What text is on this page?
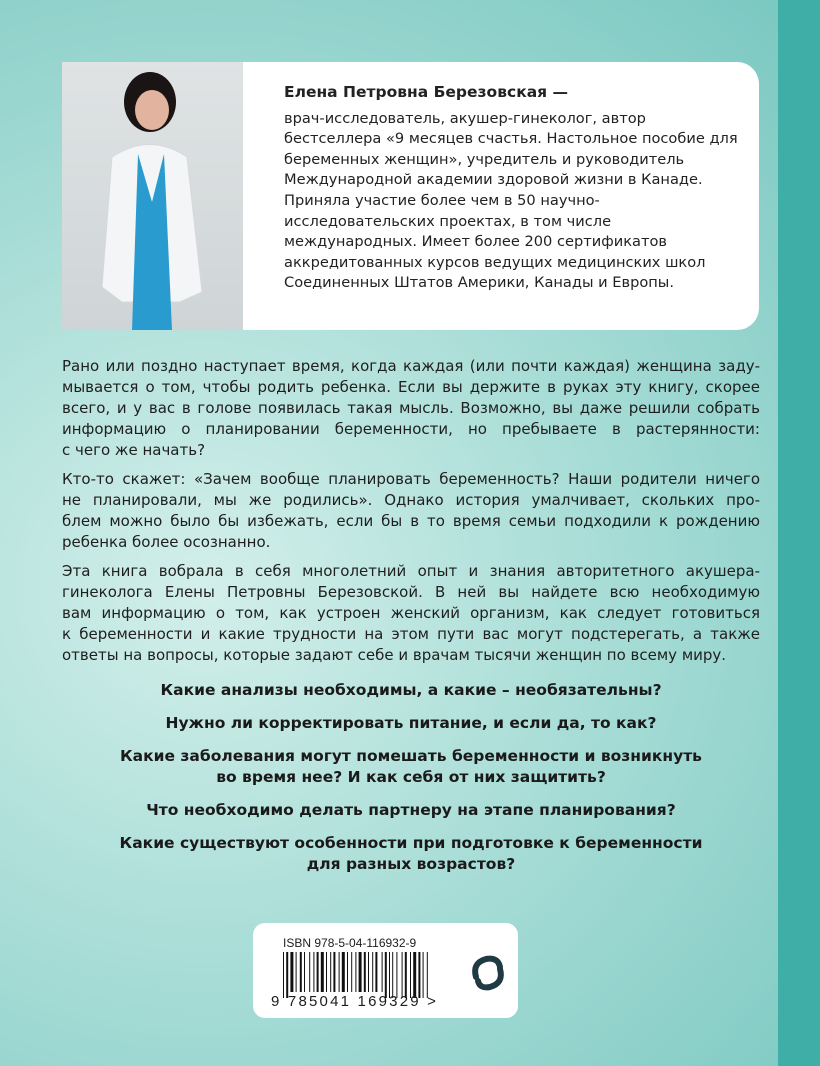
Елена Петровна Березовская —
врач-исследователь, акушер-гинеколог, автор бестселлера «9 месяцев счастья. Настольное пособие для беременных женщин», учредитель и руководитель Международной академии здоровой жизни в Канаде. Приняла участие более чем в 50 научно-исследовательских проектах, в том числе международных. Имеет более 200 сертификатов аккредитованных курсов ведущих медицинских школ Соединенных Штатов Америки, Канады и Европы.
Рано или поздно наступает время, когда каждая (или почти каждая) женщина заду-
мывается о том, чтобы родить ребенка. Если вы держите в руках эту книгу, скорее
всего, и у вас в голове появилась такая мысль. Возможно, вы даже решили собрать
информацию о планировании беременности, но пребываете в растерянности:
с чего же начать?
Кто-то скажет: «Зачем вообще планировать беременность? Наши родители ничего
не планировали, мы же родились». Однако история умалчивает, скольких про-
блем можно было бы избежать, если бы в то время семьи подходили к рождению
ребенка более осознанно.
Эта книга вобрала в себя многолетний опыт и знания авторитетного акушера-
гинеколога Елены Петровны Березовской. В ней вы найдете всю необходимую
вам информацию о том, как устроен женский организм, как следует готовиться
к беременности и какие трудности на этом пути вас могут подстерегать, а также
ответы на вопросы, которые задают себе и врачам тысячи женщин по всему миру.
Какие анализы необходимы, а какие – необязательны?
Нужно ли корректировать питание, и если да, то как?
Какие заболевания могут помешать беременности и возникнуть
во время нее? И как себя от них защитить?
Что необходимо делать партнеру на этапе планирования?
Какие существуют особенности при подготовке к беременности
для разных возрастов?
ISBN 978-5-04-116932-9
9 785041 169329 >
